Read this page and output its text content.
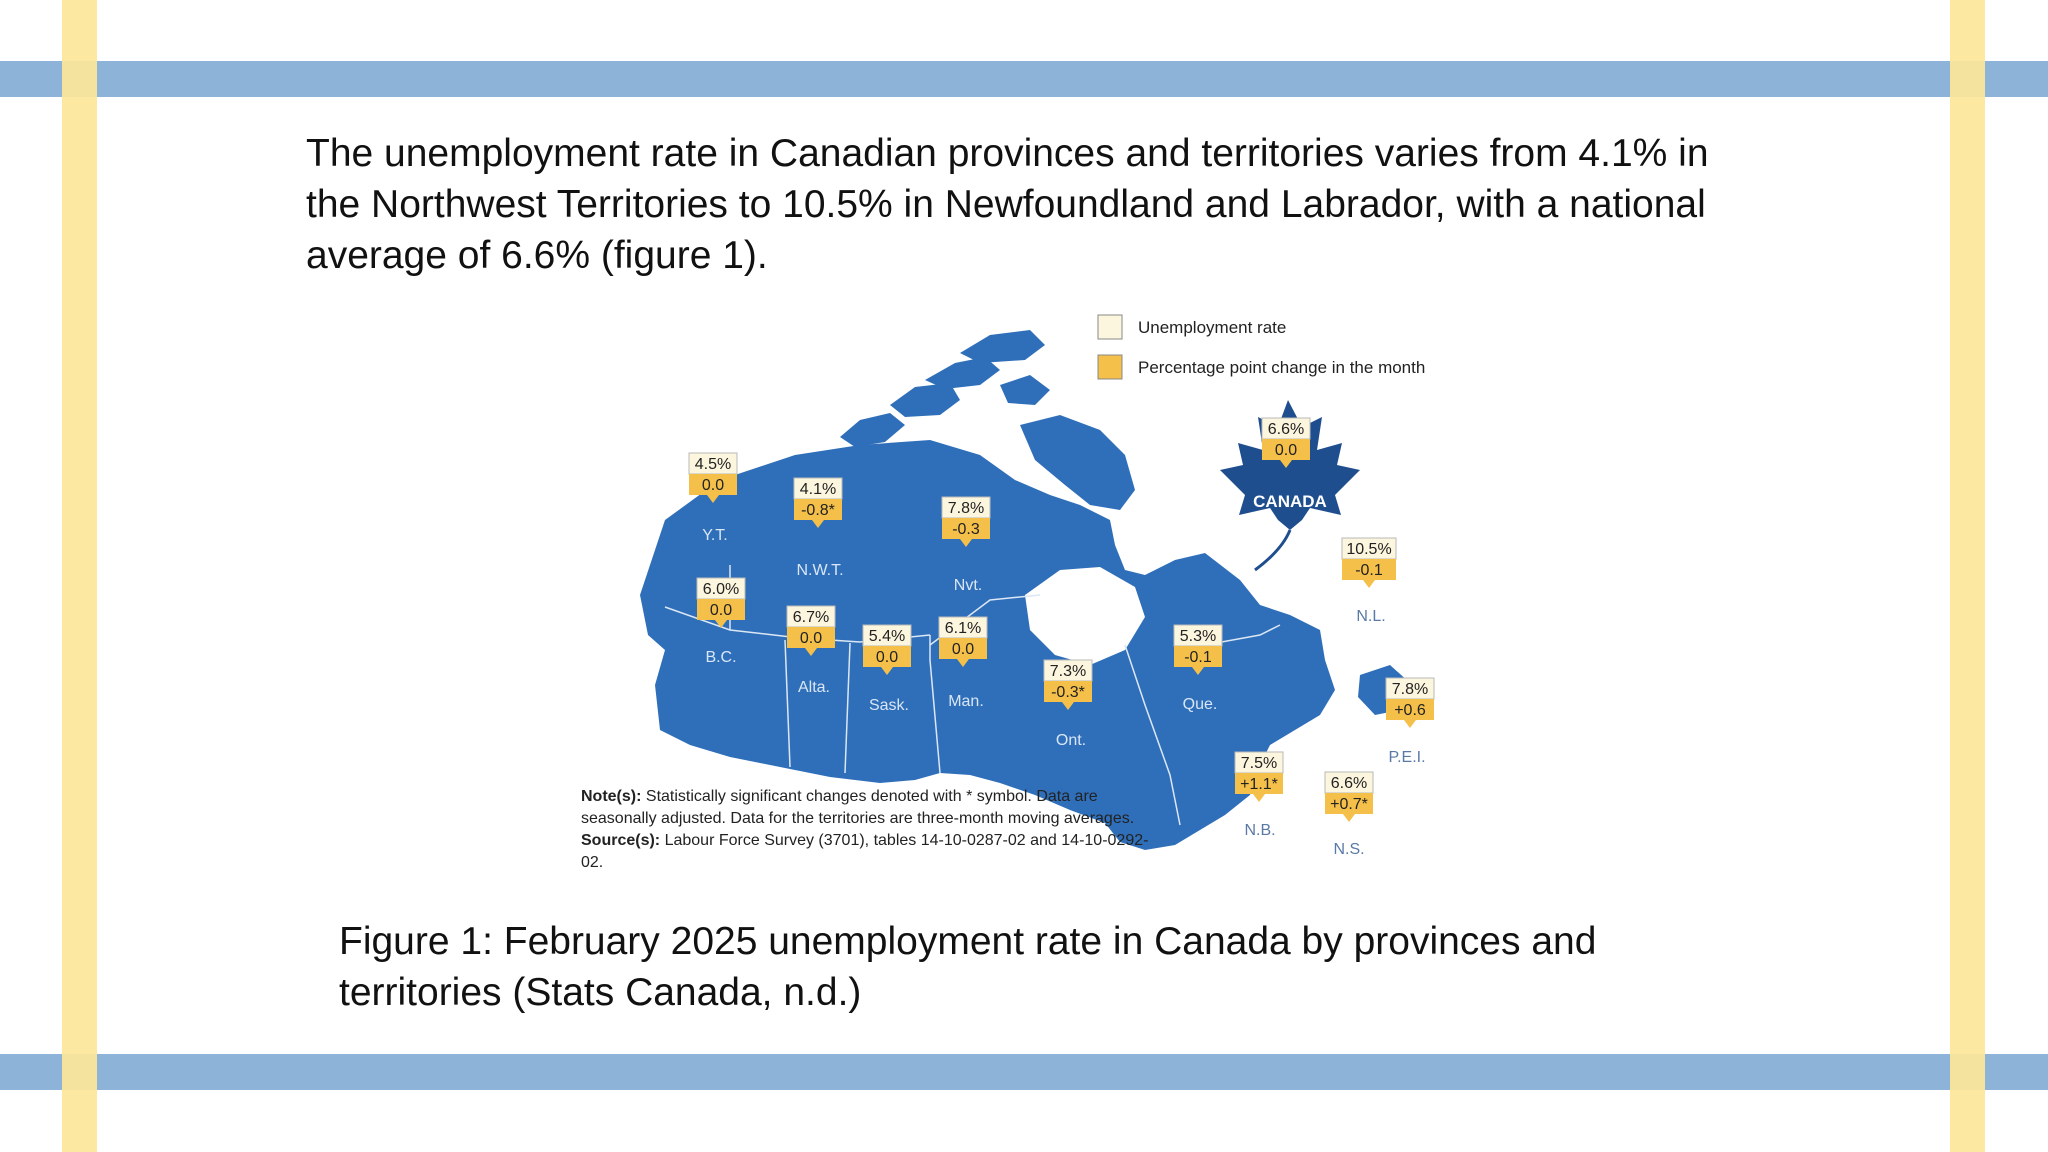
The unemployment rate in Canadian provinces and territories varies from 4.1% in the Northwest Territories to 10.5% in Newfoundland and Labrador, with a national average of 6.6% (figure 1).
Unemployment rate
Percentage point change in the month
4.5%
0.0
Y.T.
4.1%
-0.8*
N.W.T.
7.8%
-0.3
Nvt.
6.0%
0.0
B.C.
6.7%
0.0
Alta.
5.4%
0.0
Sask.
6.1%
0.0
Man.
7.3%
-0.3*
Ont.
5.3%
-0.1
Que.
10.5%
-0.1
N.L.
7.8%
+0.6
P.E.I.
7.5%
+1.1*
N.B.
6.6%
+0.7*
N.S.
6.6%
0.0
CANADA
Note(s): Statistically significant changes denoted with * symbol. Data are seasonally adjusted. Data for the territories are three-month moving averages.
Source(s): Labour Force Survey (3701), tables 14-10-0287-02 and 14-10-0292-02.
Figure 1: February 2025 unemployment rate in Canada by provinces and territories (Stats Canada, n.d.)
